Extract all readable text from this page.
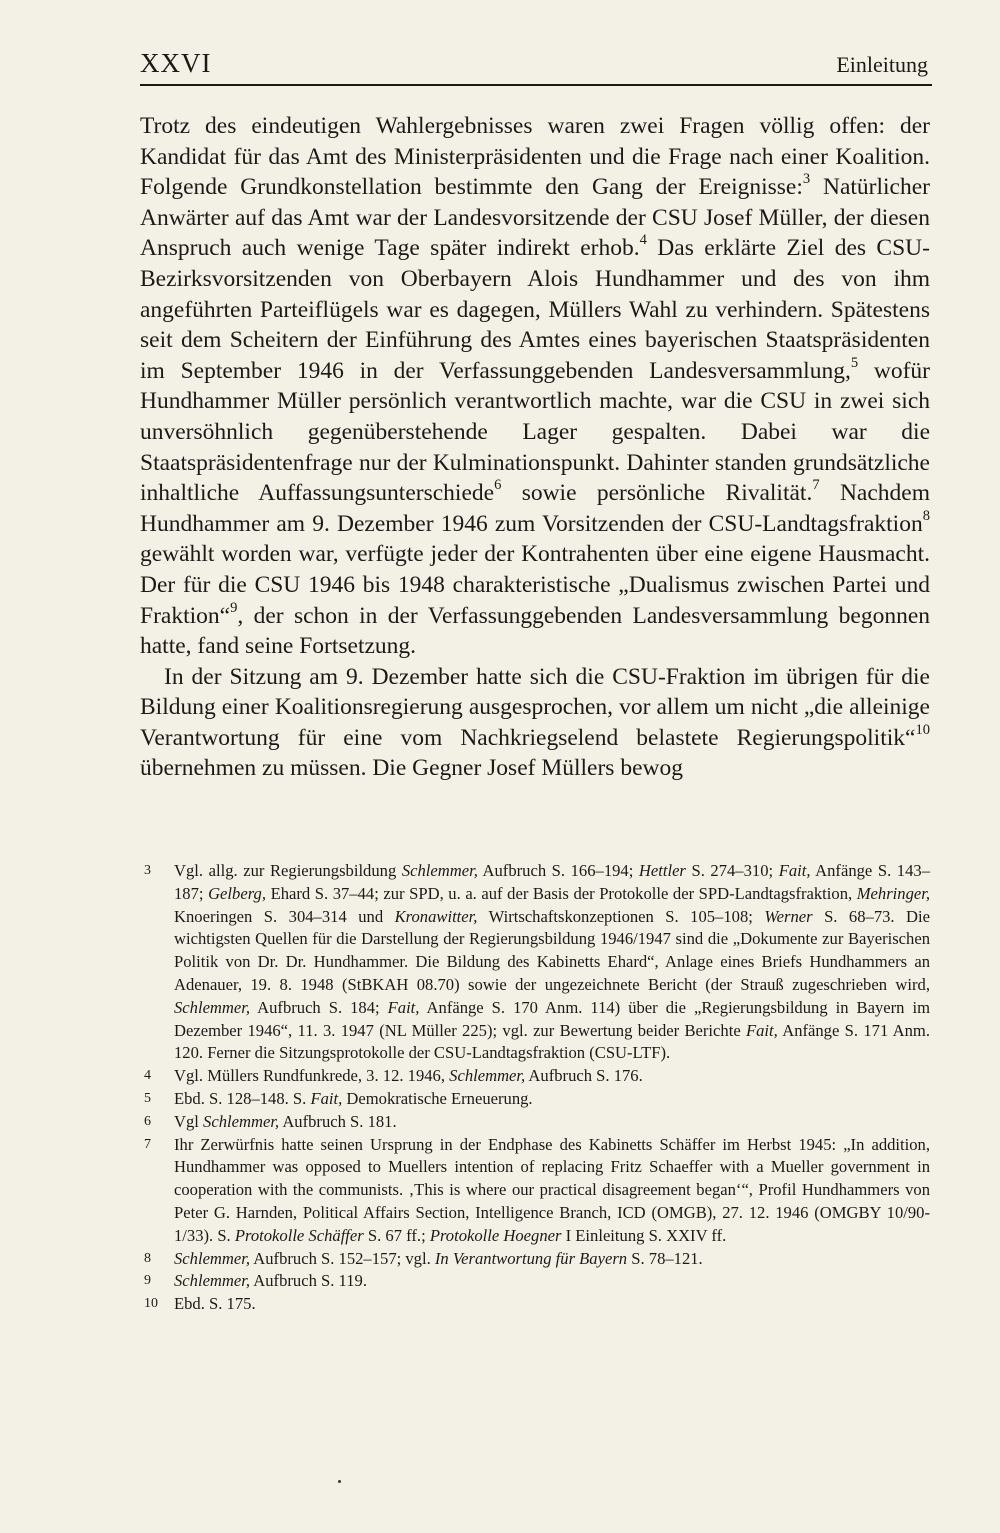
XXVI	Einleitung

Trotz des eindeutigen Wahlergebnisses waren zwei Fragen völlig offen: der Kandidat für das Amt des Ministerpräsidenten und die Frage nach einer Koalition. Folgende Grundkonstellation bestimmte den Gang der Ereignisse:$^3$ Natürlicher Anwärter auf das Amt war der Landesvorsitzende der CSU Josef Müller, der diesen Anspruch auch wenige Tage später indirekt erhob.$^4$ Das erklärte Ziel des CSU-Bezirksvorsitzenden von Oberbayern Alois Hundhammer und des von ihm angeführten Parteiflügels war es dagegen, Müllers Wahl zu verhindern. Spätestens seit dem Scheitern der Einführung des Amtes eines bayerischen Staatspräsidenten im September 1946 in der Verfassunggebenden Landesversammlung,$^5$ wofür Hundhammer Müller persönlich verantwortlich machte, war die CSU in zwei sich unversöhnlich gegenüberstehende Lager gespalten. Dabei war die Staatspräsidentenfrage nur der Kulminationspunkt. Dahinter standen grundsätzliche inhaltliche Auffassungsunterschiede$^6$ sowie persönliche Rivalität.$^7$ Nachdem Hundhammer am 9. Dezember 1946 zum Vorsitzenden der CSU-Landtagsfraktion$^8$ gewählt worden war, verfügte jeder der Kontrahenten über eine eigene Hausmacht. Der für die CSU 1946 bis 1948 charakteristische „Dualismus zwischen Partei und Fraktion“$^9$, der schon in der Verfassunggebenden Landesversammlung begonnen hatte, fand seine Fortsetzung.

In der Sitzung am 9. Dezember hatte sich die CSU-Fraktion im übrigen für die Bildung einer Koalitionsregierung ausgesprochen, vor allem um nicht „die alleinige Verantwortung für eine vom Nachkriegselend belastete Regierungspolitik“$^{10}$ übernehmen zu müssen. Die Gegner Josef Müllers bewog

3 Vgl. allg. zur Regierungsbildung Schlemmer, Aufbruch S. 166–194; Hettler S. 274–310; Fait, Anfänge S. 143–187; Gelberg, Ehard S. 37–44; zur SPD, u. a. auf der Basis der Protokolle der SPD-Landtagsfraktion, Mehringer, Knoeringen S. 304–314 und Kronawitter, Wirtschaftskonzeptionen S. 105–108; Werner S. 68–73. Die wichtigsten Quellen für die Darstellung der Regierungsbildung 1946/1947 sind die „Dokumente zur Bayerischen Politik von Dr. Dr. Hundhammer. Die Bildung des Kabinetts Ehard“, Anlage eines Briefs Hundhammers an Adenauer, 19. 8. 1948 (StBKAH 08.70) sowie der ungezeichnete Bericht (der Strauß zugeschrieben wird, Schlemmer, Aufbruch S. 184; Fait, Anfänge S. 170 Anm. 114) über die „Regierungsbildung in Bayern im Dezember 1946“, 11. 3. 1947 (NL Müller 225); vgl. zur Bewertung beider Berichte Fait, Anfänge S. 171 Anm. 120. Ferner die Sitzungsprotokolle der CSU-Landtagsfraktion (CSU-LTF).
4 Vgl. Müllers Rundfunkrede, 3. 12. 1946, Schlemmer, Aufbruch S. 176.
5 Ebd. S. 128–148. S. Fait, Demokratische Erneuerung.
6 Vgl Schlemmer, Aufbruch S. 181.
7 Ihr Zerwürfnis hatte seinen Ursprung in der Endphase des Kabinetts Schäffer im Herbst 1945: „In addition, Hundhammer was opposed to Muellers intention of replacing Fritz Schaeffer with a Mueller government in cooperation with the communists. ‚This is where our practical disagreement began‘“, Profil Hundhammers von Peter G. Harnden, Political Affairs Section, Intelligence Branch, ICD (OMGB), 27. 12. 1946 (OMGBY 10/90-1/33). S. Protokolle Schäffer S. 67 ff.; Protokolle Hoegner I Einleitung S. XXIV ff.
8 Schlemmer, Aufbruch S. 152–157; vgl. In Verantwortung für Bayern S. 78–121.
9 Schlemmer, Aufbruch S. 119.
10 Ebd. S. 175.
